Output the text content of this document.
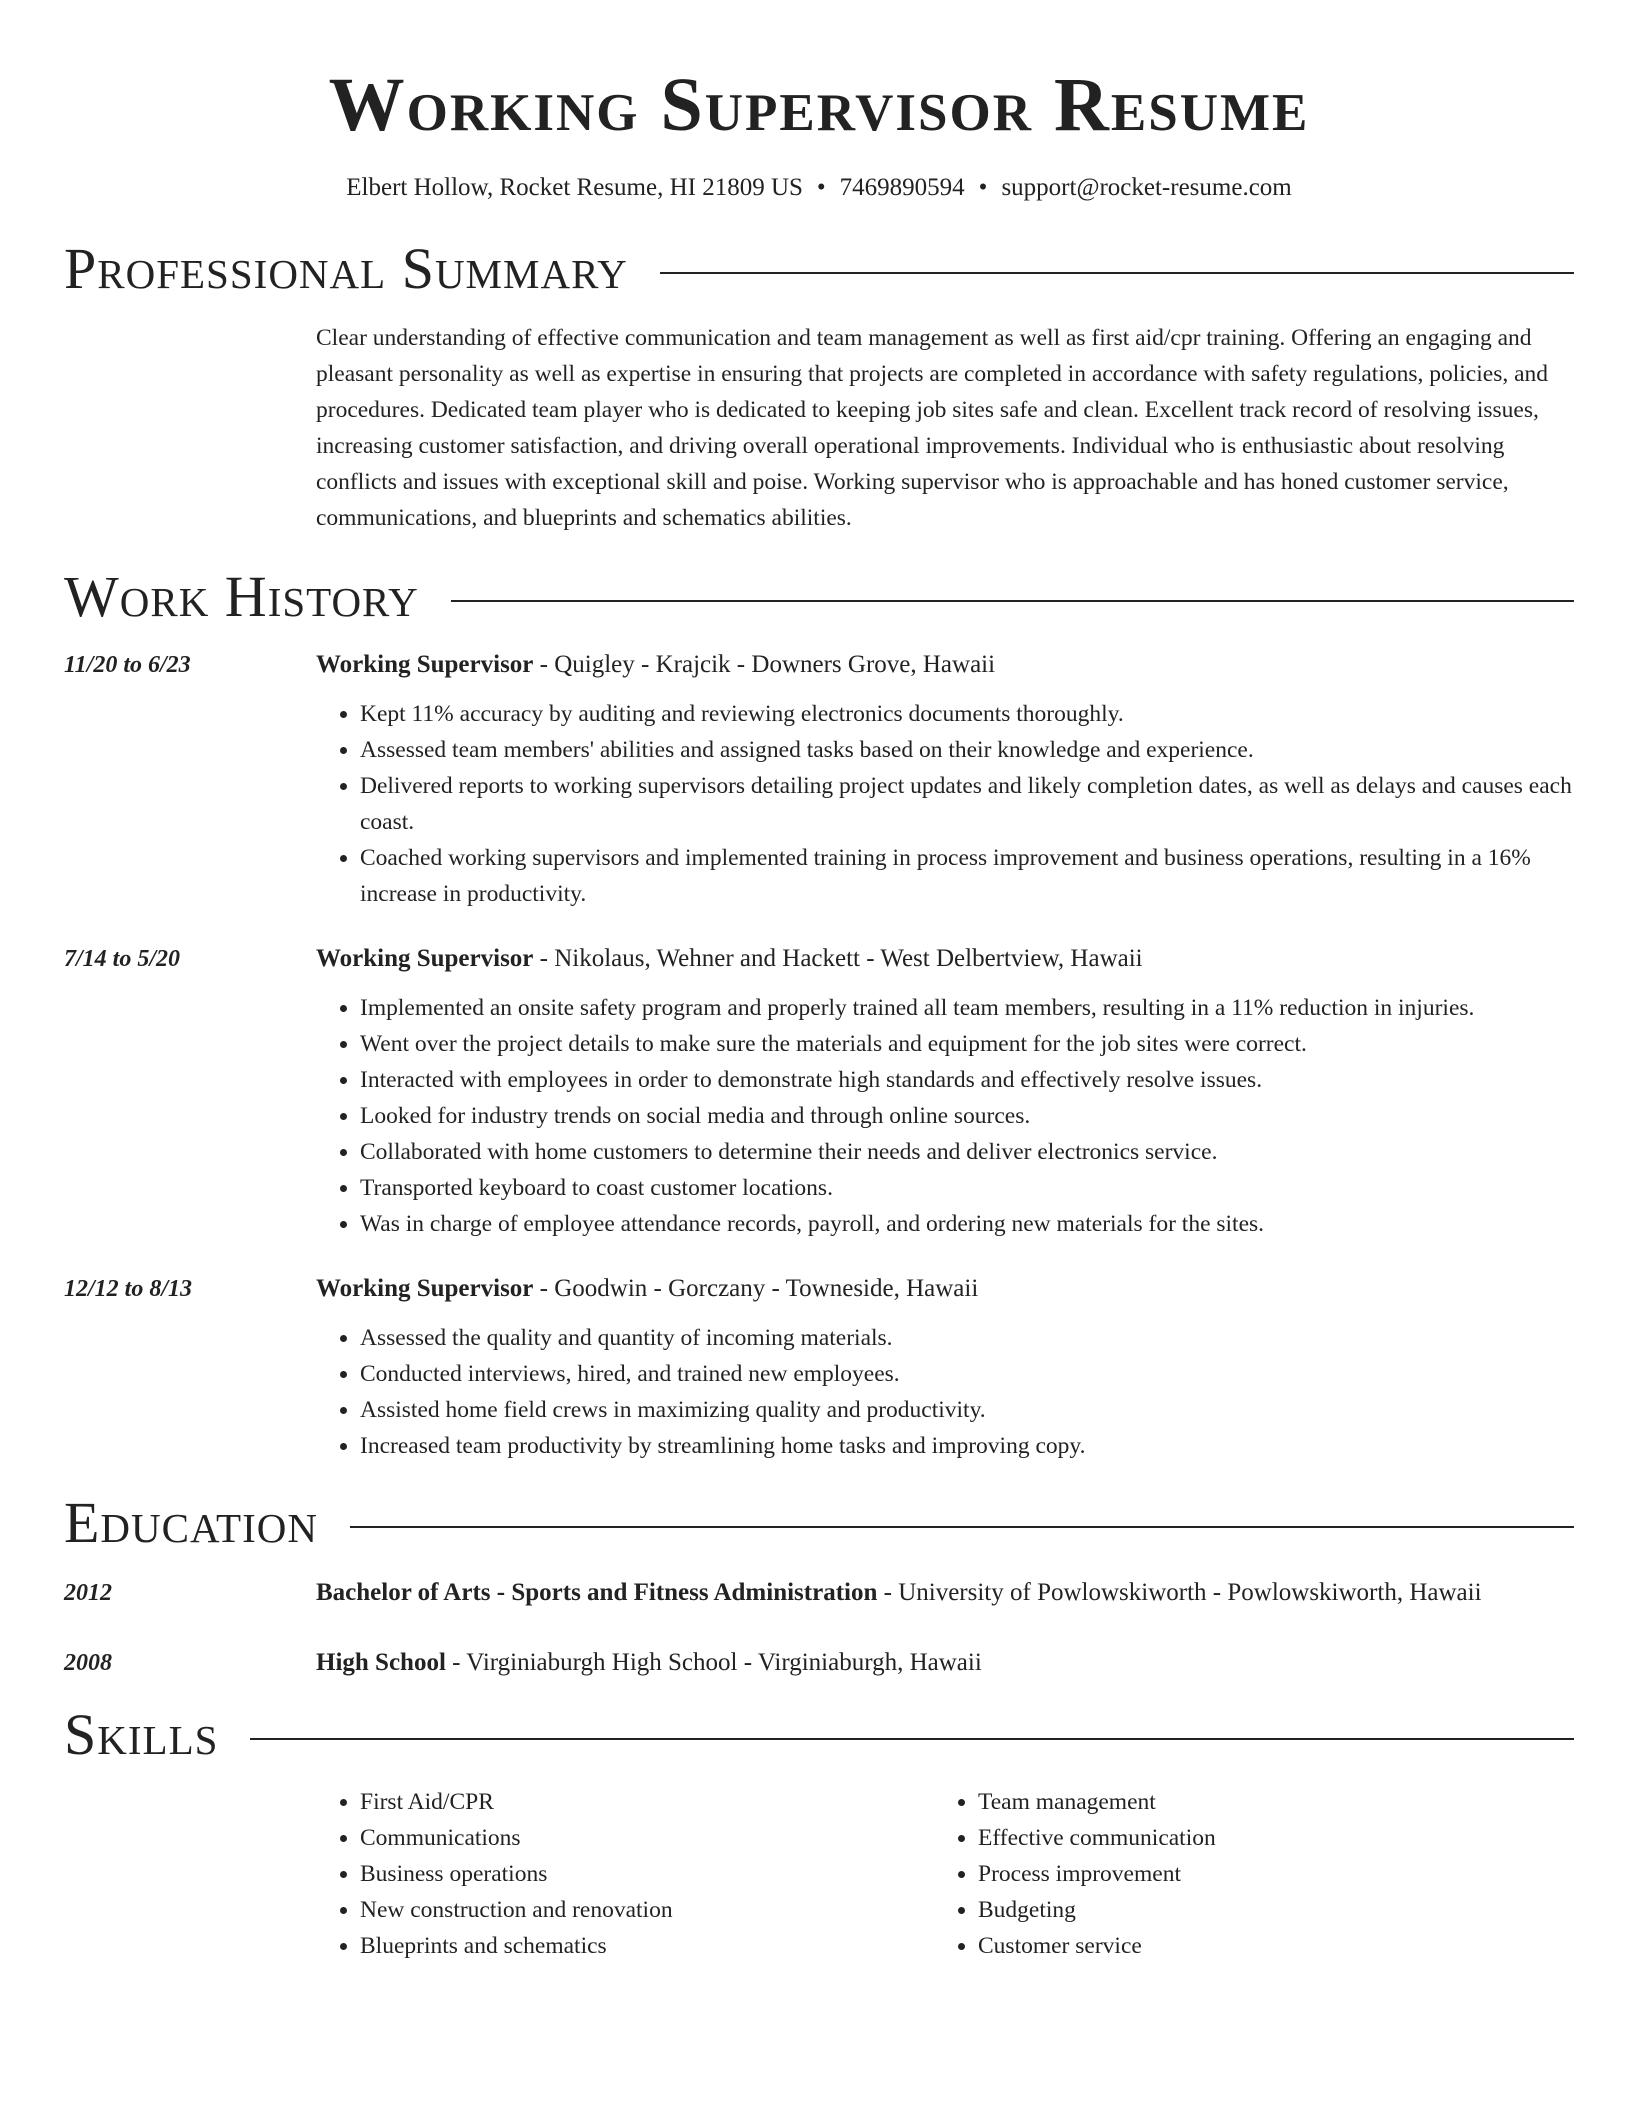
Working Supervisor Resume
Elbert Hollow, Rocket Resume, HI 21809 US • 7469890594 • support@rocket-resume.com
Professional Summary
Clear understanding of effective communication and team management as well as first aid/cpr training. Offering an engaging and pleasant personality as well as expertise in ensuring that projects are completed in accordance with safety regulations, policies, and procedures. Dedicated team player who is dedicated to keeping job sites safe and clean. Excellent track record of resolving issues, increasing customer satisfaction, and driving overall operational improvements. Individual who is enthusiastic about resolving conflicts and issues with exceptional skill and poise. Working supervisor who is approachable and has honed customer service, communications, and blueprints and schematics abilities.
Work History
11/20 to 6/23	Working Supervisor - Quigley - Krajcik - Downers Grove, Hawaii
• Kept 11% accuracy by auditing and reviewing electronics documents thoroughly.
• Assessed team members' abilities and assigned tasks based on their knowledge and experience.
• Delivered reports to working supervisors detailing project updates and likely completion dates, as well as delays and causes each coast.
• Coached working supervisors and implemented training in process improvement and business operations, resulting in a 16% increase in productivity.
7/14 to 5/20	Working Supervisor - Nikolaus, Wehner and Hackett - West Delbertview, Hawaii
• Implemented an onsite safety program and properly trained all team members, resulting in a 11% reduction in injuries.
• Went over the project details to make sure the materials and equipment for the job sites were correct.
• Interacted with employees in order to demonstrate high standards and effectively resolve issues.
• Looked for industry trends on social media and through online sources.
• Collaborated with home customers to determine their needs and deliver electronics service.
• Transported keyboard to coast customer locations.
• Was in charge of employee attendance records, payroll, and ordering new materials for the sites.
12/12 to 8/13	Working Supervisor - Goodwin - Gorczany - Towneside, Hawaii
• Assessed the quality and quantity of incoming materials.
• Conducted interviews, hired, and trained new employees.
• Assisted home field crews in maximizing quality and productivity.
• Increased team productivity by streamlining home tasks and improving copy.
Education
2012	Bachelor of Arts - Sports and Fitness Administration - University of Powlowskiworth - Powlowskiworth, Hawaii
2008	High School - Virginiaburgh High School - Virginiaburgh, Hawaii
Skills
• First Aid/CPR
• Communications
• Business operations
• New construction and renovation
• Blueprints and schematics
• Team management
• Effective communication
• Process improvement
• Budgeting
• Customer service
